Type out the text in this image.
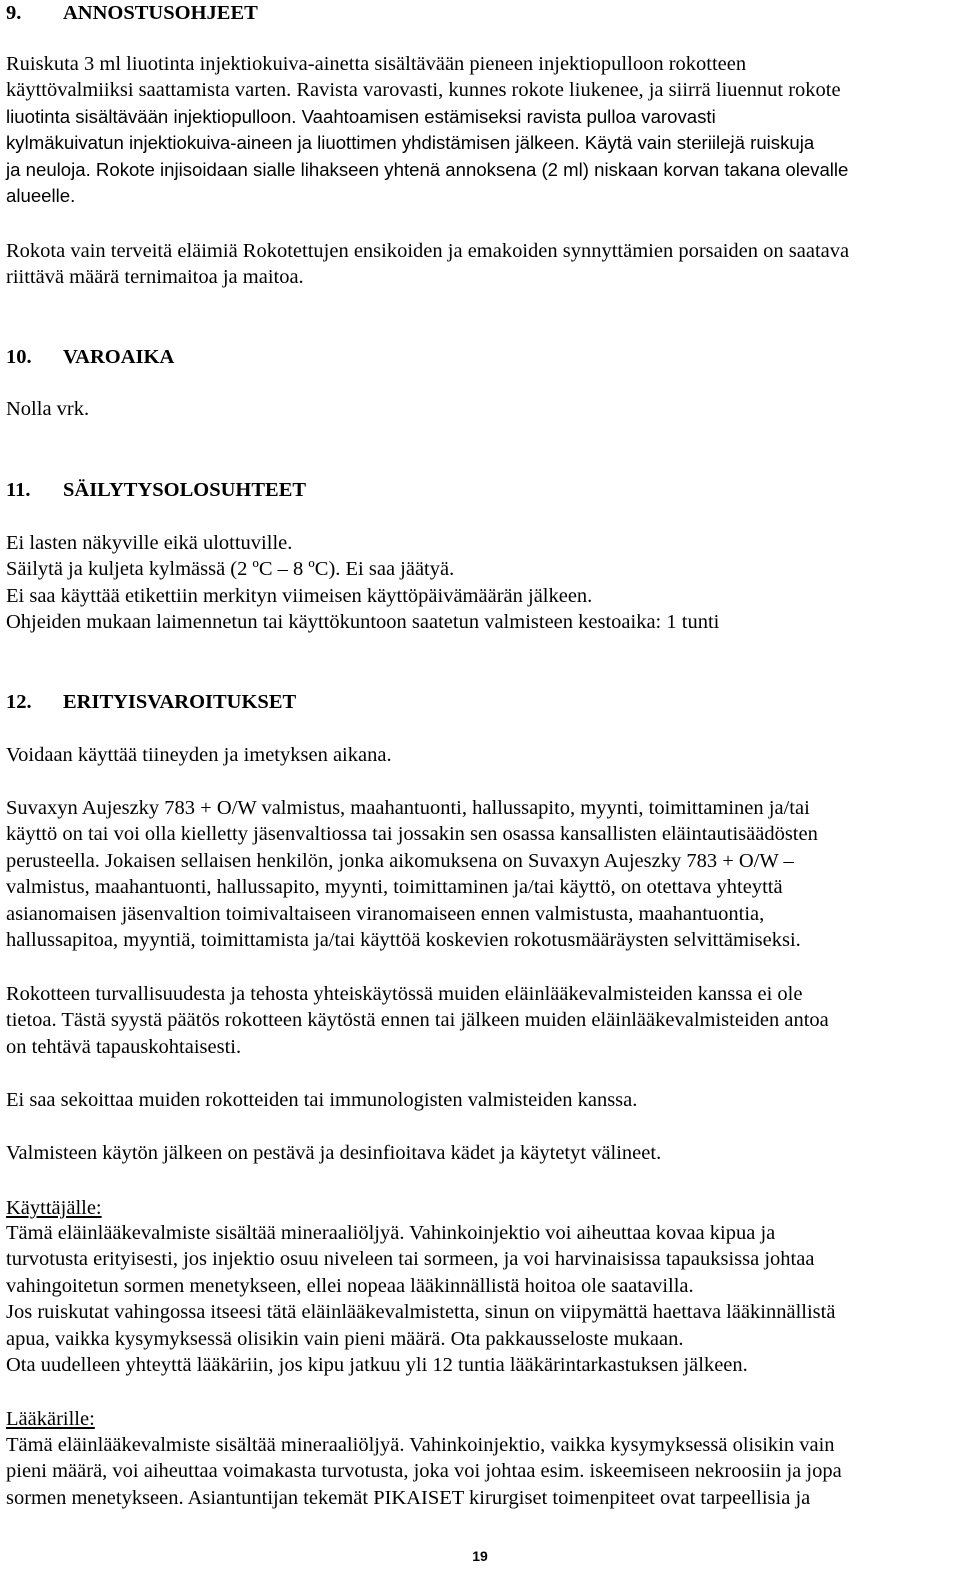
9. ANNOSTUSOHJEET
Ruiskuta 3 ml liuotinta injektiokuiva-ainetta sisältävään pieneen injektiopulloon rokotteen
käyttövalmiiksi saattamista varten. Ravista varovasti, kunnes rokote liukenee, ja siirrä liuennut rokote
liuotinta sisältävään injektiopulloon. Vaahtoamisen estämiseksi ravista pulloa varovasti
kylmäkuivatun injektiokuiva-aineen ja liuottimen yhdistämisen jälkeen. Käytä vain steriilejä ruiskuja
ja neuloja. Rokote injisoidaan sialle lihakseen yhtenä annoksena (2 ml) niskaan korvan takana olevalle
alueelle.
Rokota vain terveitä eläimiä Rokotettujen ensikoiden ja emakoiden synnyttämien porsaiden on saatava
riittävä määrä ternimaitoa ja maitoa.
10. VAROAIKA
Nolla vrk.
11. SÄILYTYSOLOSUHTEET
Ei lasten näkyville eikä ulottuville.
Säilytä ja kuljeta kylmässä (2 ºC – 8 ºC). Ei saa jäätyä.
Ei saa käyttää etikettiin merkityn viimeisen käyttöpäivämäärän jälkeen.
Ohjeiden mukaan laimennetun tai käyttökuntoon saatetun valmisteen kestoaika: 1 tunti
12. ERITYISVAROITUKSET
Voidaan käyttää tiineyden ja imetyksen aikana.
Suvaxyn Aujeszky 783 + O/W valmistus, maahantuonti, hallussapito, myynti, toimittaminen ja/tai
käyttö on tai voi olla kielletty jäsenvaltiossa tai jossakin sen osassa kansallisten eläintautisäädösten
perusteella. Jokaisen sellaisen henkilön, jonka aikomuksena on Suvaxyn Aujeszky 783 + O/W –
valmistus, maahantuonti, hallussapito, myynti, toimittaminen ja/tai käyttö, on otettava yhteyttä
asianomaisen jäsenvaltion toimivaltaiseen viranomaiseen ennen valmistusta, maahantuontia,
hallussapitoa, myyntiä, toimittamista ja/tai käyttöä koskevien rokotusmääräysten selvittämiseksi.
Rokotteen turvallisuudesta ja tehosta yhteiskäytössä muiden eläinlääkevalmisteiden kanssa ei ole
tietoa. Tästä syystä päätös rokotteen käytöstä ennen tai jälkeen muiden eläinlääkevalmisteiden antoa
on tehtävä tapauskohtaisesti.
Ei saa sekoittaa muiden rokotteiden tai immunologisten valmisteiden kanssa.
Valmisteen käytön jälkeen on pestävä ja desinfioitava kädet ja käytetyt välineet.
Käyttäjälle:
Tämä eläinlääkevalmiste sisältää mineraaliöljyä. Vahinkoinjektio voi aiheuttaa kovaa kipua ja
turvotusta erityisesti, jos injektio osuu niveleen tai sormeen, ja voi harvinaisissa tapauksissa johtaa
vahingoitetun sormen menetykseen, ellei nopeaa lääkinnällistä hoitoa ole saatavilla.
Jos ruiskutat vahingossa itseesi tätä eläinlääkevalmistetta, sinun on viipymättä haettava lääkinnällistä
apua, vaikka kysymyksessä olisikin vain pieni määrä. Ota pakkausseloste mukaan.
Ota uudelleen yhteyttä lääkäriin, jos kipu jatkuu yli 12 tuntia lääkärintarkastuksen jälkeen.
Lääkärille:
Tämä eläinlääkevalmiste sisältää mineraaliöljyä. Vahinkoinjektio, vaikka kysymyksessä olisikin vain
pieni määrä, voi aiheuttaa voimakasta turvotusta, joka voi johtaa esim. iskeemiseen nekroosiin ja jopa
sormen menetykseen. Asiantuntijan tekemät PIKAISET kirurgiset toimenpiteet ovat tarpeellisia ja
19
